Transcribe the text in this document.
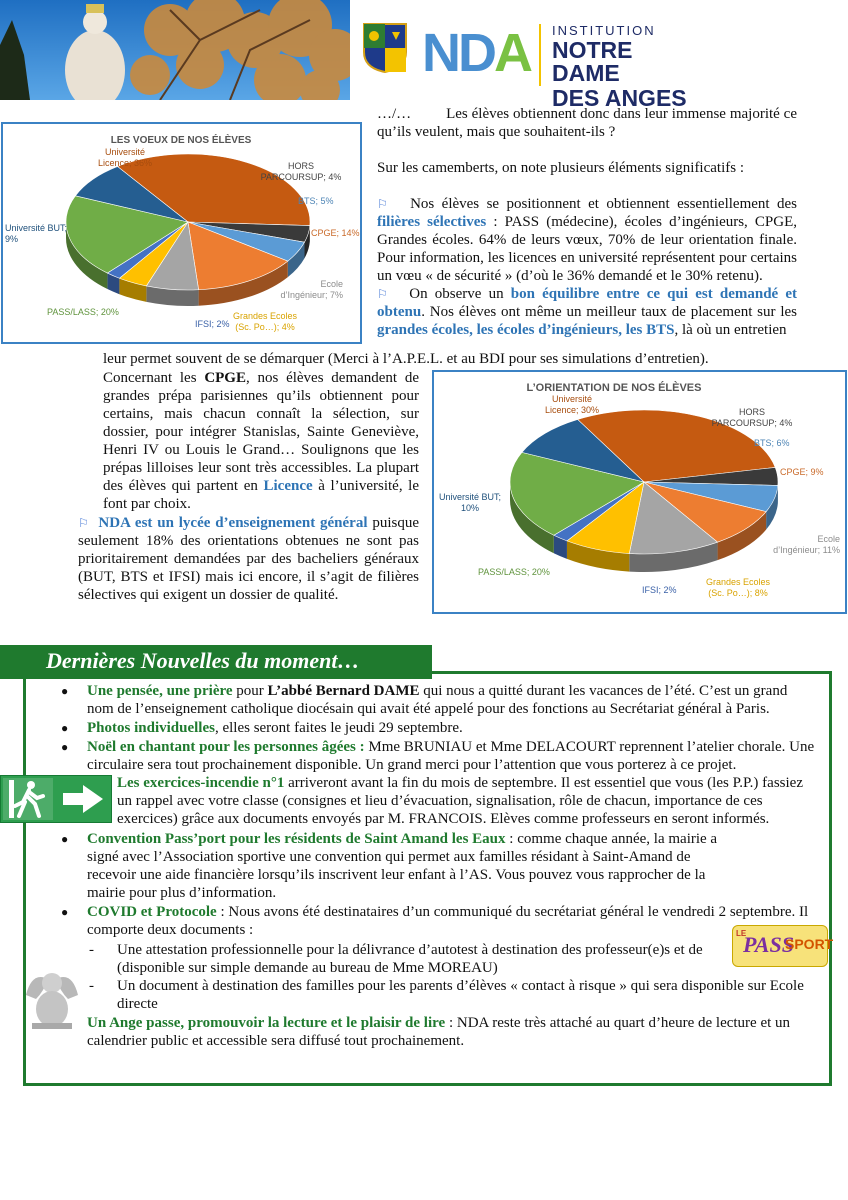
NDA INSTITUTION
NOTRE DAME
DES ANGES
LES VOEUX DE NOS ÉLÈVES
Université
Licence; 36%	HORS
PARCOURSUP; 4%
BTS; 5%
CPGE; 14%
Ecole
d’Ingénieur; 7%
Grandes Ecoles
(Sc. Po…); 4%
IFSI; 2%
PASS/LASS; 20%
Université BUT;
9%

…/… Les élèves obtiennent donc dans leur immense majorité ce qu’ils veulent, mais que souhaitent-ils ?

Sur les camemberts, on note plusieurs éléments significatifs :

⚐ Nos élèves se positionnent et obtiennent essentiellement des filières sélectives : PASS (médecine), écoles d’ingénieurs, CPGE, Grandes écoles. 64% de leurs vœux, 70% de leur orientation finale. Pour information, les licences en université représentent pour certains un vœu « de sécurité » (d’où le 36% demandé et le 30% retenu).

⚐ On observe un bon équilibre entre ce qui est demandé et obtenu. Nos élèves ont même un meilleur taux de placement sur les grandes écoles, les écoles d’ingénieurs, les BTS, là où un entretien

leur permet souvent de se démarquer (Merci à l’A.P.E.L. et au BDI pour ses simulations d’entretien).

Concernant les CPGE, nos élèves demandent de grandes prépa parisiennes qu’ils obtiennent pour certains, mais chacun connaît la sélection, sur dossier, pour intégrer Stanislas, Sainte Geneviève, Henri IV ou Louis le Grand… Soulignons que les prépas lilloises leur sont très accessibles. La plupart des élèves qui partent en Licence à l’université, le font par choix.

⚐ NDA est un lycée d’enseignement général puisque seulement 18% des orientations obtenues ne sont pas prioritairement demandées par des bacheliers généraux (BUT, BTS et IFSI) mais ici encore, il s’agit de filières sélectives qui exigent un dossier de qualité.
L’ORIENTATION DE NOS ÉLÈVES
Université
Licence; 30%	HORS
PARCOURSUP; 4%
BTS; 6%
CPGE; 9%
Ecole
d’Ingénieur; 11%
Grandes Ecoles
(Sc. Po…); 8%
IFSI; 2%
PASS/LASS; 20%
Université BUT;
10%
Dernières Nouvelles du moment…
● Une pensée, une prière pour L’abbé Bernard DAME qui nous a quitté durant les vacances de l’été. C’est un grand nom de l’enseignement catholique diocésain qui avait été appelé pour des fonctions au Secrétariat général à Paris.
● Photos individuelles, elles seront faites le jeudi 29 septembre.
● Noël en chantant pour les personnes âgées : Mme BRUNIAU et Mme DELACOURT reprennent l’atelier chorale. Une circulaire sera tout prochainement disponible. Un grand merci pour l’attention que vous porterez à ce projet.
Les exercices-incendie n°1 arriveront avant la fin du mois de septembre. Il est essentiel que vous (les P.P.) fassiez un rappel avec votre classe (consignes et lieu d’évacuation, signalisation, rôle de chacun, importance de ces exercices) grâce aux documents envoyés par M. FRANCOIS. Elèves comme professeurs en seront informés.
● Convention Pass’port pour les résidents de Saint Amand les Eaux : comme chaque année, la mairie a signé avec l’Association sportive une convention qui permet aux familles résidant à Saint-Amand de recevoir une aide financière lorsqu’ils inscrivent leur enfant à l’AS. Vous pouvez vous rapprocher de la mairie pour plus d’information.
● COVID et Protocole : Nous avons été destinataires d’un communiqué du secrétariat général le vendredi 2 septembre. Il comporte deux documents :
- Une attestation professionnelle pour la délivrance d’autotest à destination des professeur(e)s et de (disponible sur simple demande au bureau de Mme MOREAU)
- Un document à destination des familles pour les parents d’élèves « contact à risque » qui sera disponible sur Ecole directe
Un Ange passe, promouvoir la lecture et le plaisir de lire : NDA reste très attaché au quart d’heure de lecture et un calendrier public et accessible sera diffusé tout prochainement.
LE
PASS
SPORT
